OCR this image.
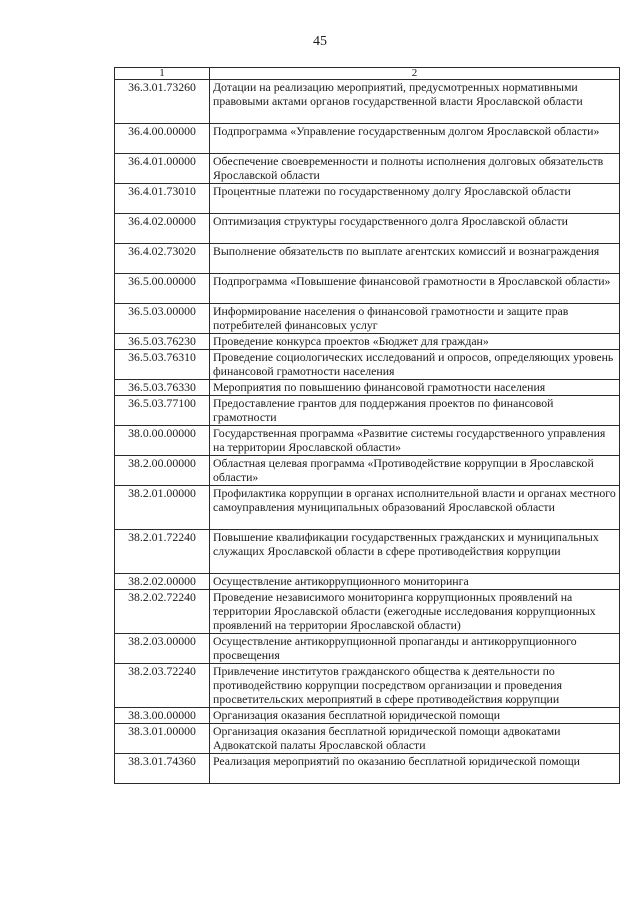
45
1	2
36.3.01.73260	Дотации на реализацию мероприятий, предусмотренных нормативными правовыми актами органов государственной власти Ярославской области
36.4.00.00000	Подпрограмма «Управление государственным долгом Ярославской области»
36.4.01.00000	Обеспечение своевременности и полноты исполнения долговых обязательств Ярославской области
36.4.01.73010	Процентные платежи по государственному долгу Ярославской области
36.4.02.00000	Оптимизация структуры государственного долга Ярославской области
36.4.02.73020	Выполнение обязательств по выплате агентских комиссий и вознаграждения
36.5.00.00000	Подпрограмма «Повышение финансовой грамотности в Ярославской области»
36.5.03.00000	Информирование населения о финансовой грамотности и защите прав потребителей финансовых услуг
36.5.03.76230	Проведение конкурса проектов «Бюджет для граждан»
36.5.03.76310	Проведение социологических исследований и опросов, определяющих уровень финансовой грамотности населения
36.5.03.76330	Мероприятия по повышению финансовой грамотности населения
36.5.03.77100	Предоставление грантов для поддержания проектов по финансовой грамотности
38.0.00.00000	Государственная программа «Развитие системы государственного управления на территории Ярославской области»
38.2.00.00000	Областная целевая программа «Противодействие коррупции в Ярославской области»
38.2.01.00000	Профилактика коррупции в органах исполнительной власти и органах местного самоуправления муниципальных образований Ярославской области
38.2.01.72240	Повышение квалификации государственных гражданских и муниципальных служащих Ярославской области в сфере противодействия коррупции
38.2.02.00000	Осуществление антикоррупционного мониторинга
38.2.02.72240	Проведение независимого мониторинга коррупционных проявлений на территории Ярославской области (ежегодные исследования коррупционных проявлений на территории Ярославской области)
38.2.03.00000	Осуществление антикоррупционной пропаганды и антикоррупционного просвещения
38.2.03.72240	Привлечение институтов гражданского общества к деятельности по противодействию коррупции посредством организации и проведения просветительских мероприятий в сфере противодействия коррупции
38.3.00.00000	Организация оказания бесплатной юридической помощи
38.3.01.00000	Организация оказания бесплатной юридической помощи адвокатами Адвокатской палаты Ярославской области
38.3.01.74360	Реализация мероприятий по оказанию бесплатной юридической помощи
